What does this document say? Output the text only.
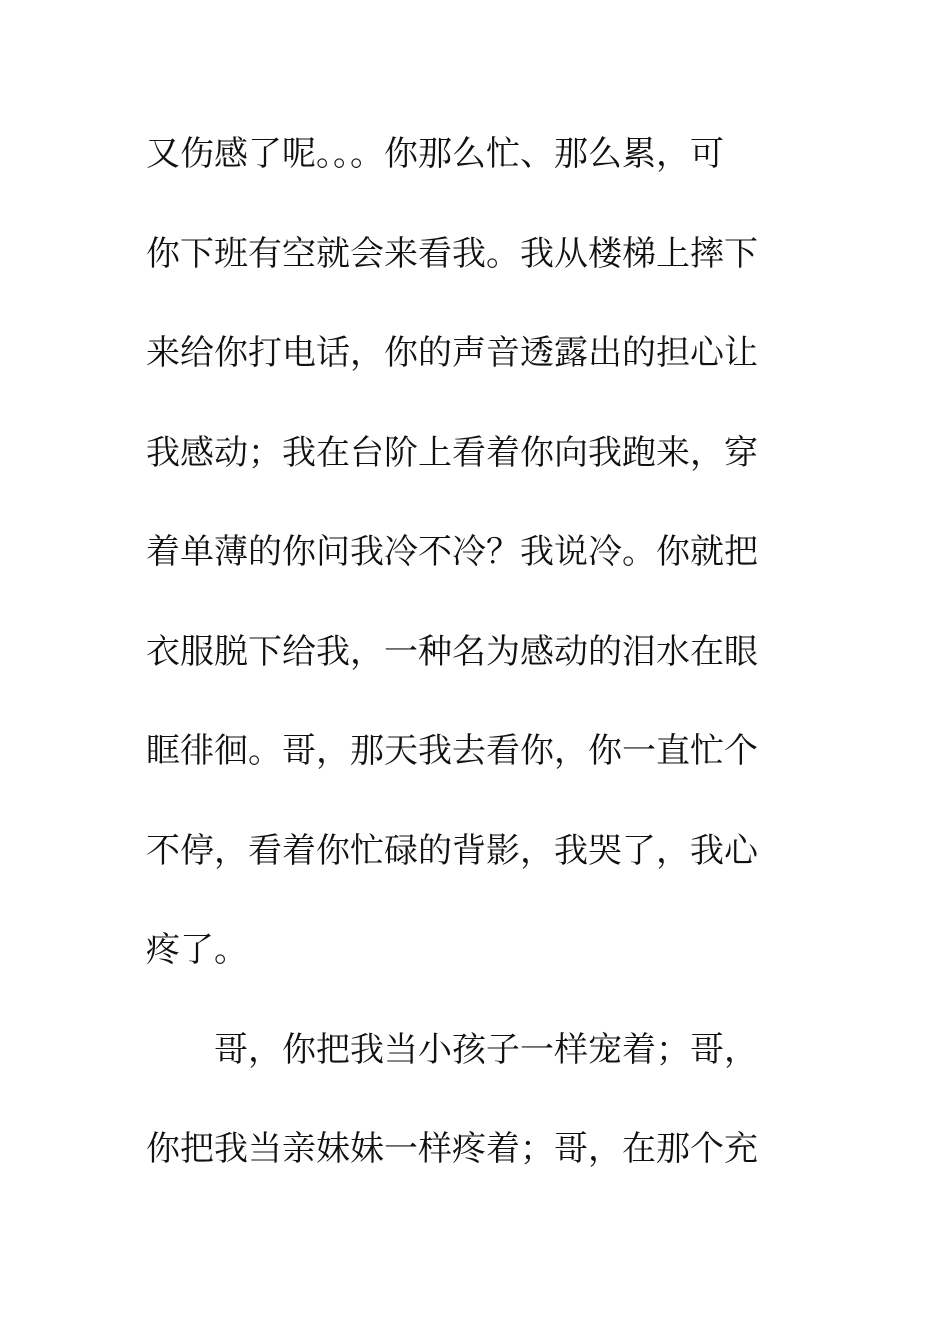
又伤感了呢。。。你那么忙、那么累，可
你下班有空就会来看我。我从楼梯上摔下
来给你打电话，你的声音透露出的担心让
我感动；我在台阶上看着你向我跑来，穿
着单薄的你问我冷不冷？我说冷。你就把
衣服脱下给我，一种名为感动的泪水在眼
眶徘徊。哥，那天我去看你，你一直忙个
不停，看着你忙碌的背影，我哭了，我心
疼了。
哥，你把我当小孩子一样宠着；哥，
你把我当亲妹妹一样疼着；哥，在那个充
